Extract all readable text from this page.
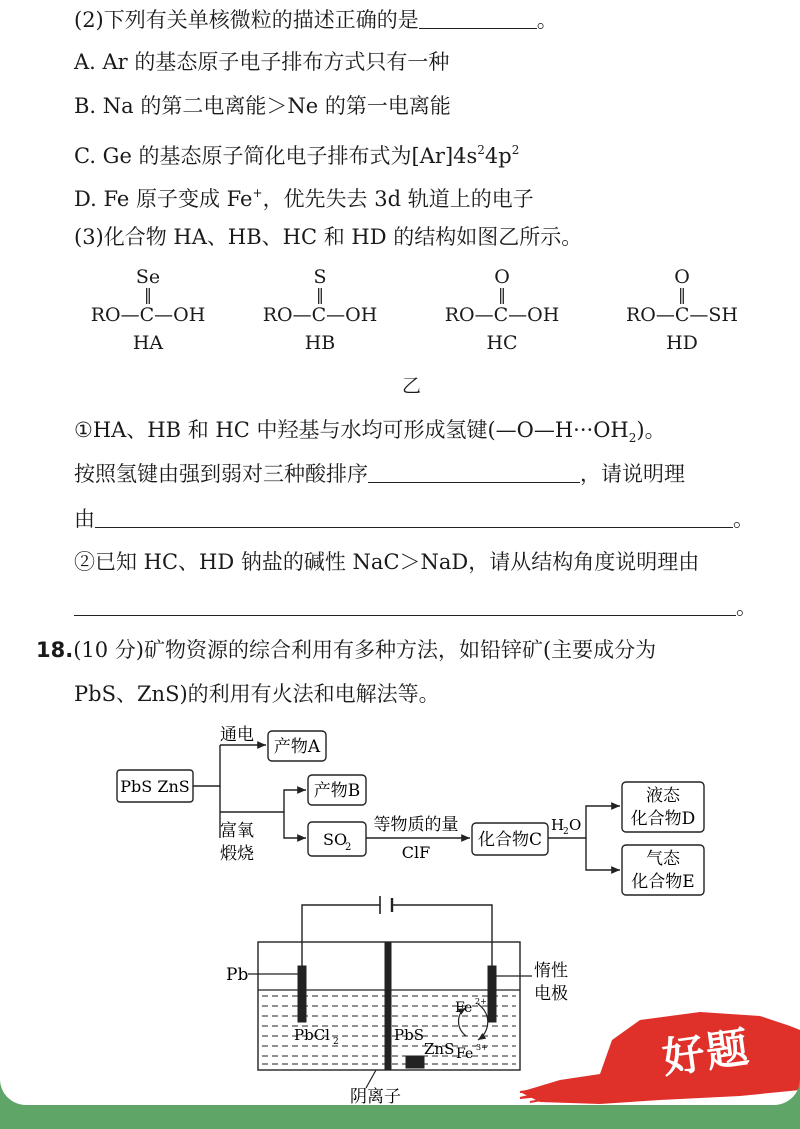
(2)下列有关单核微粒的描述正确的是	。
A. Ar 的基态原子电子排布方式只有一种
B. Na 的第二电离能＞Ne 的第一电离能
C. Ge 的基态原子简化电子排布式为$[Ar]4s^24p^2$
D. Fe 原子变成 Fe+，优先失去 3d 轨道上的电子
(3)化合物 HA、HB、HC 和 HD 的结构如图乙所示。
Se
‖
RO—C—OH
HA
S
‖
RO—C—OH
HB
O
‖
RO—C—OH
HC
O
‖
RO—C—SH
HD
乙
①HA、HB 和 HC 中羟基与水均可形成氢键$(—O—H\cdot\cdot\cdot OH_2)$。
按照氢键由强到弱对三种酸排序	，请说明理
由	。
②已知 HC、HD 钠盐的碱性 NaC＞NaD，请从结构角度说明理由
。
18.(10 分)矿物资源的综合利用有多种方法，如铅锌矿(主要成分为
PbS、ZnS)的利用有火法和电解法等。
PbS ZnS
通电
产物A
产物B
富氧
煅烧
SO
2
等物质的量
ClF
化合物C
H
2 O
液态
化合物D
气态
化合物E
Pb	惰性
电极
PbCl 2	PbS
ZnS
Fe 2+
Fe 3+
阴离子
好题
